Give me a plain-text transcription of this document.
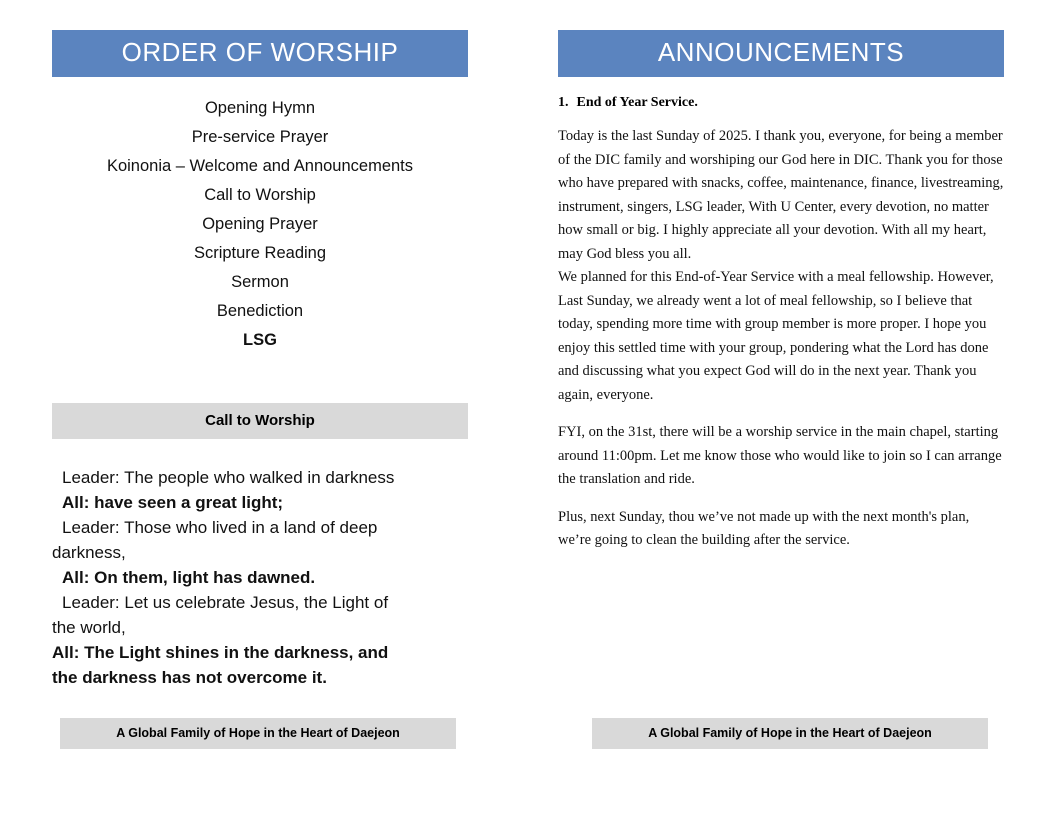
ORDER OF WORSHIP
Opening Hymn
Pre-service Prayer
Koinonia – Welcome and Announcements
Call to Worship
Opening Prayer
Scripture Reading
Sermon
Benediction
LSG
Call to Worship
Leader: The people who walked in darkness
All: have seen a great light;
Leader: Those who lived in a land of deep
darkness,
All: On them, light has dawned.
Leader: Let us celebrate Jesus, the Light of
the world,
All: The Light shines in the darkness, and
the darkness has not overcome it.
ANNOUNCEMENTS
1. End of Year Service.

Today is the last Sunday of 2025. I thank you, everyone, for being a member of the DIC family and worshiping our God here in DIC. Thank you for those who have prepared with snacks, coffee, maintenance, finance, livestreaming, instrument, singers, LSG leader, With U Center, every devotion, no matter how small or big. I highly appreciate all your devotion. With all my heart, may God bless you all.

We planned for this End-of-Year Service with a meal fellowship. However, Last Sunday, we already went a lot of meal fellowship, so I believe that today, spending more time with group member is more proper. I hope you enjoy this settled time with your group, pondering what the Lord has done and discussing what you expect God will do in the next year. Thank you again, everyone.

FYI, on the 31st, there will be a worship service in the main chapel, starting around 11:00pm. Let me know those who would like to join so I can arrange the translation and ride.

Plus, next Sunday, thou we’ve not made up with the next month's plan, we’re going to clean the building after the service.

A Global Family of Hope in the Heart of Daejeon	A Global Family of Hope in the Heart of Daejeon
